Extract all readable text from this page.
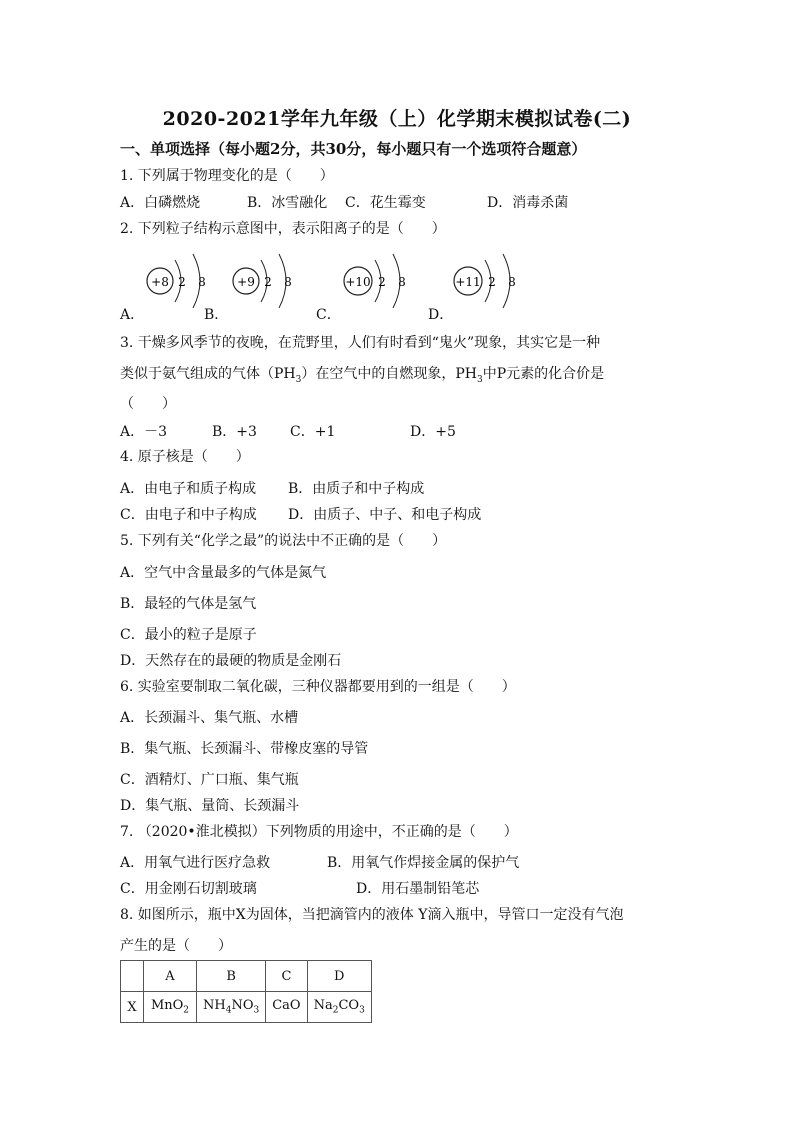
2020-2021学年九年级（上）化学期末模拟试卷(二)
一、单项选择（每小题2分，共30分，每小题只有一个选项符合题意）
1. 下列属于物理变化的是（　　）
A．白磷燃烧	B．冰雪融化 C．花生霉变	D．消毒杀菌
2. 下列粒子结构示意图中，表示阳离子的是（　　）
+8 2 8	+9 2 8	+10 2 8	+11 2 8
A．	B．	C．	D．
3. 干燥多风季节的夜晚，在荒野里，人们有时看到“鬼火”现象，其实它是一种
类似于氨气组成的气体$(PH_3)$在空气中的自燃现象，$PH_3$中P元素的化合价是
（　　）
A．－3	B．+3 C．+1	D．+5
4. 原子核是（　　）
A．由电子和质子构成 B．由质子和中子构成
C．由电子和中子构成 D．由质子、中子、和电子构成
5. 下列有关“化学之最”的说法中不正确的是（　　）
A．空气中含量最多的气体是氮气
B．最轻的气体是氢气
C．最小的粒子是原子
D．天然存在的最硬的物质是金刚石
6. 实验室要制取二氧化碳，三种仪器都要用到的一组是（　　）
A．长颈漏斗、集气瓶、水槽
B．集气瓶、长颈漏斗、带橡皮塞的导管
C．酒精灯、广口瓶、集气瓶
D．集气瓶、量筒、长颈漏斗
7. （2020•淮北模拟）下列物质的用途中，不正确的是（　　）
A．用氧气进行医疗急救	B．用氧气作焊接金属的保护气
C．用金刚石切割玻璃	D．用石墨制铅笔芯
8. 如图所示，瓶中X为固体，当把滴管内的液体 Y滴入瓶中，导管口一定没有气泡
产生的是（　　）
	A	B	C	D
X	MnO$_2$	$NH_4NO_3$	CaO	$Na_2CO_3$
